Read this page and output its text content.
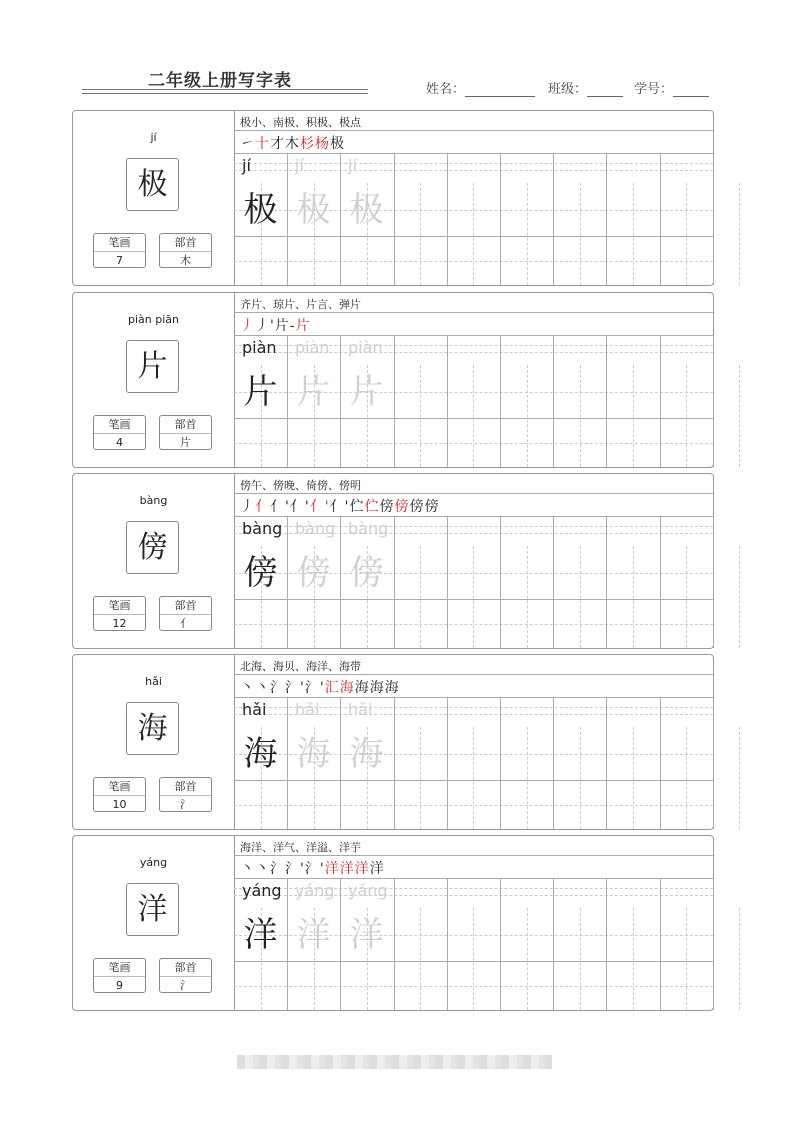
二年级上册写字表	姓名：	班级：	学号：
jí
极
笔画
7
部首
木
极小、南极、积极、极点
㇀十才木杉杨极
jí
极
jí
极
jí
极
piàn piān
片
笔画
4
部首
片
齐片、琼片、片言、弹片
丿丿'片-片
piàn
片
piàn
片
piàn
片
bàng
傍
笔画
12
部首
亻
傍午、傍晚、倚傍、傍明
丿亻亻'亻'亻'亻'伫伫傍傍傍傍
bàng
傍
bàng
傍
bàng
傍
hǎi
海
笔画
10
部首
氵
北海、海贝、海洋、海带
丶丶氵氵'氵'汇海海海海
hǎi
海
hǎi
海
hǎi
海
yáng
洋
笔画
9
部首
氵
海洋、洋气、洋溢、洋芋
丶丶氵氵'氵'洋洋洋洋
yáng
洋
yáng
洋
yáng
洋
